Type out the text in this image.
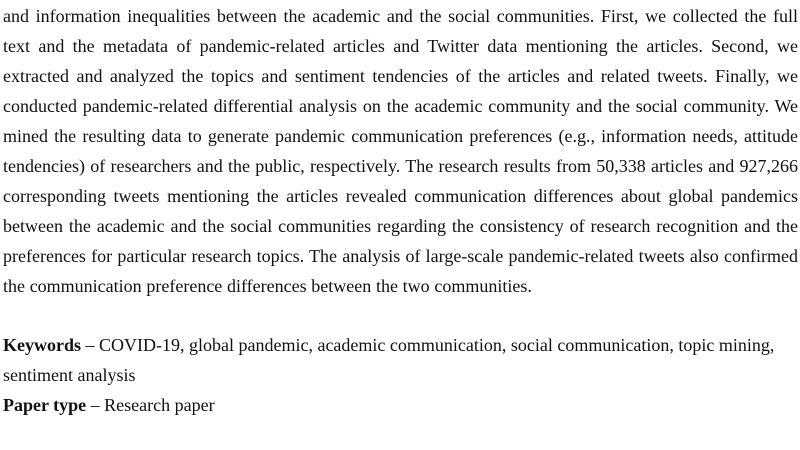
and information inequalities between the academic and the social communities. First, we collected the full text and the metadata of pandemic-related articles and Twitter data mentioning the articles. Second, we extracted and analyzed the topics and sentiment tendencies of the articles and related tweets. Finally, we conducted pandemic-related differential analysis on the academic community and the social community. We mined the resulting data to generate pandemic communication preferences (e.g., information needs, attitude tendencies) of researchers and the public, respectively. The research results from 50,338 articles and 927,266 corresponding tweets mentioning the articles revealed communication differences about global pandemics between the academic and the social communities regarding the consistency of research recognition and the preferences for particular research topics. The analysis of large-scale pandemic-related tweets also confirmed the communication preference differences between the two communities.

Keywords – COVID-19, global pandemic, academic communication, social communication, topic mining, sentiment analysis

Paper type – Research paper
